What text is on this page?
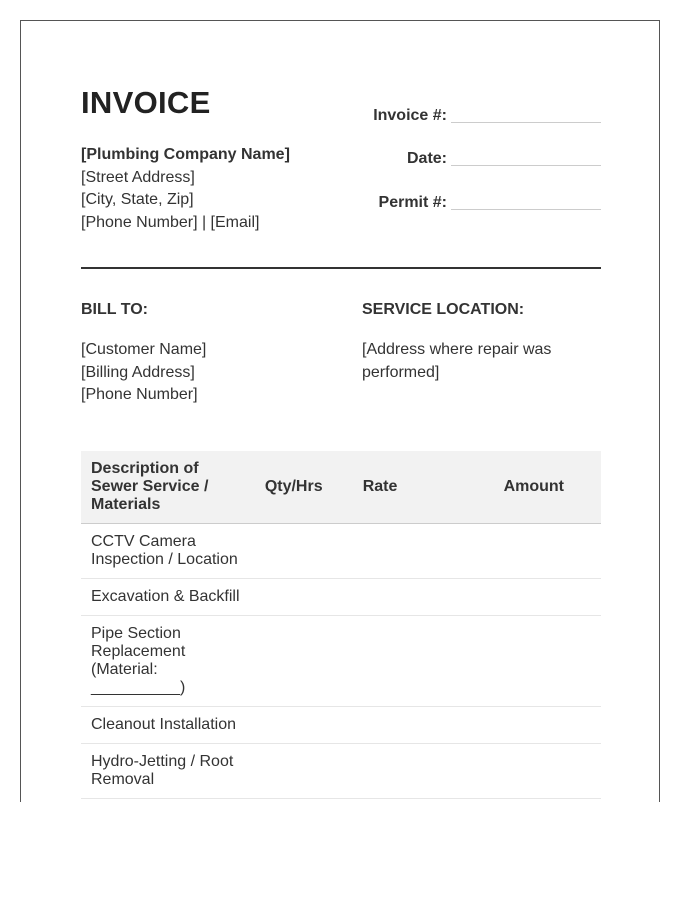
INVOICE
[Plumbing Company Name]
[Street Address]
[City, State, Zip]
[Phone Number] | [Email]
Invoice #:
Date:
Permit #:
BILL TO:
[Customer Name]
[Billing Address]
[Phone Number]
SERVICE LOCATION:
[Address where repair was performed]
Description of Sewer Service / Materials	Qty/Hrs	Rate	Amount
CCTV Camera Inspection / Location			
Excavation & Backfill			
Pipe Section Replacement (Material: __________)			
Cleanout Installation			
Hydro-Jetting / Root Removal			
